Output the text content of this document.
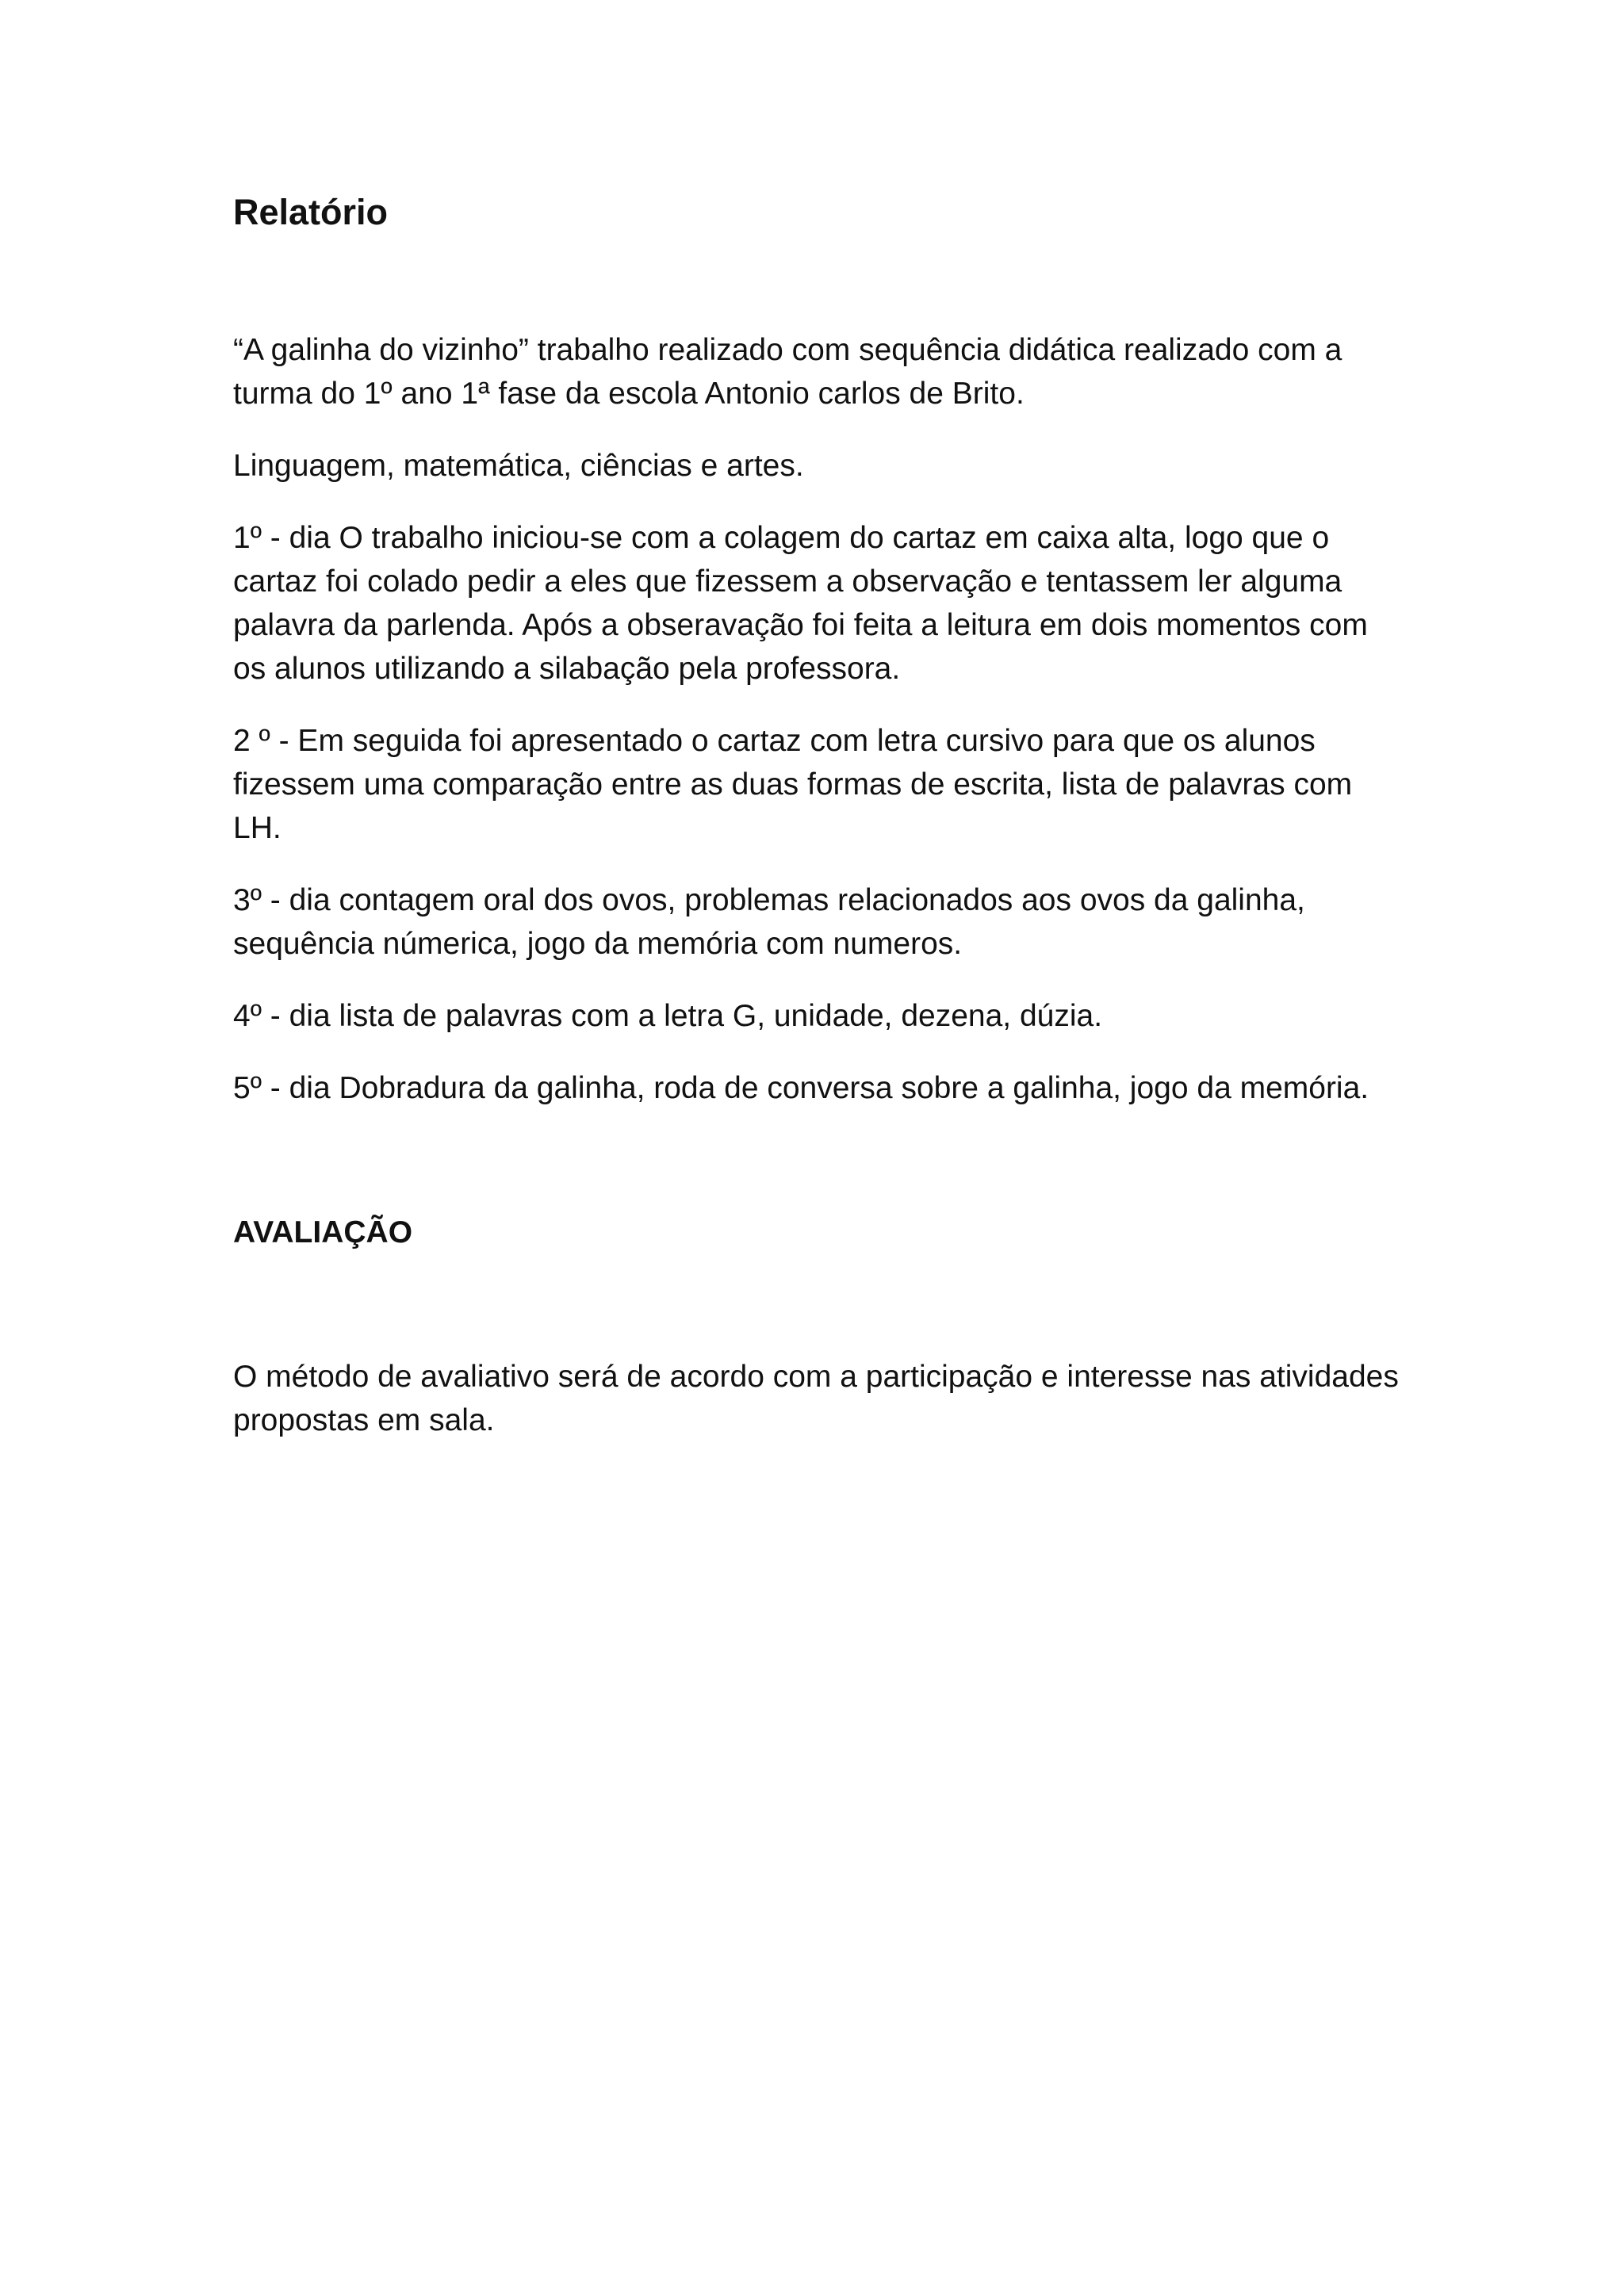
Relatório

“A galinha do vizinho” trabalho realizado com sequência didática realizado com a turma do 1º ano 1ª fase da escola Antonio carlos de Brito.

Linguagem, matemática, ciências e artes.

1º - dia O trabalho iniciou-se com a colagem do cartaz em caixa alta, logo que o cartaz foi colado pedir a eles que fizessem a observação e tentassem ler alguma palavra da parlenda. Após a obseravação foi feita a leitura em dois momentos com os alunos utilizando a silabação pela professora.

2 º - Em seguida foi apresentado o cartaz com letra cursivo para que os alunos fizessem uma comparação entre as duas formas de escrita, lista de palavras com LH.

3º - dia contagem oral dos ovos, problemas relacionados aos ovos da galinha, sequência númerica, jogo da memória com numeros.

4º - dia lista de palavras com a letra G, unidade, dezena, dúzia.

5º - dia Dobradura da galinha, roda de conversa sobre a galinha, jogo da memória.

AVALIAÇÃO

O método de avaliativo será de acordo com a participação e interesse nas atividades propostas em sala.
